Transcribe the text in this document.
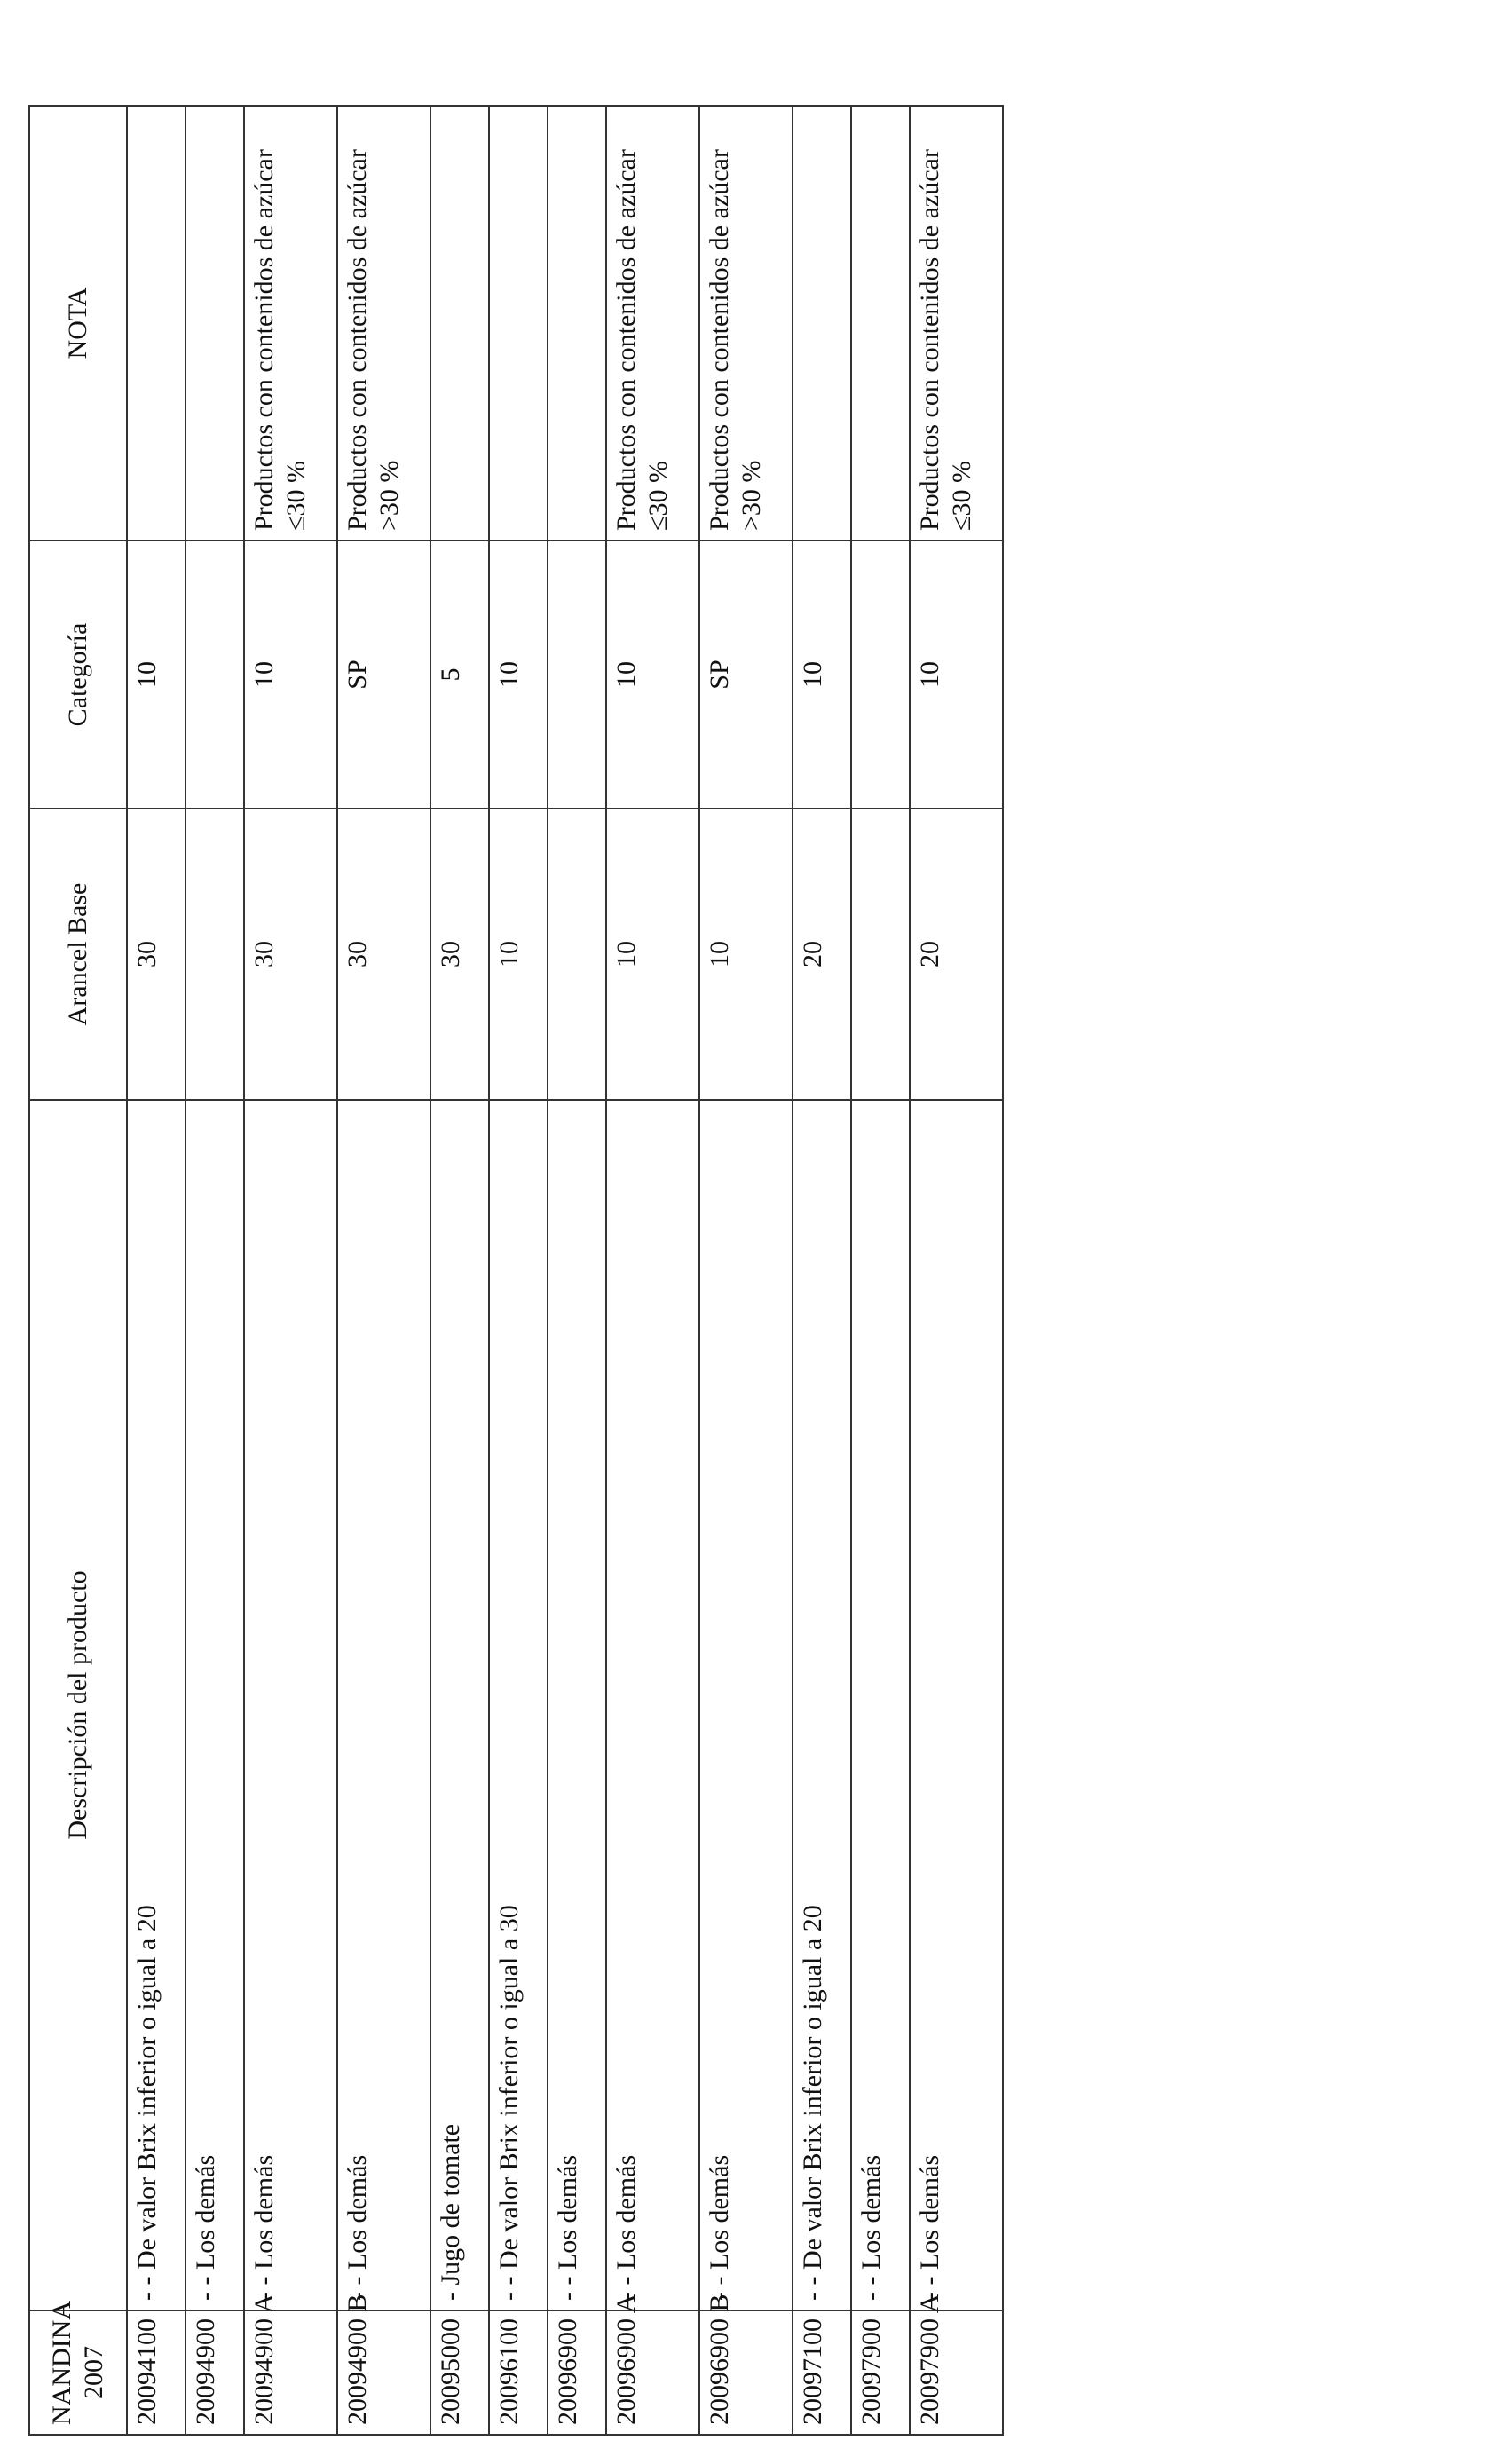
NANDINA 2007	Descripción del producto	Arancel Base	Categoría	NOTA
20094100	- - De valor Brix inferior o igual a 20	30	10	
20094900	- - Los demás			
20094900 A	- - Los demás	30	10	Productos con contenidos de azúcar ≤30 %
20094900 B	- - Los demás	30	SP	Productos con contenidos de azúcar >30 %
20095000	- Jugo de tomate	30	5	
20096100	- - De valor Brix inferior o igual a 30	10	10	
20096900	- - Los demás			
20096900 A	- - Los demás	10	10	Productos con contenidos de azúcar ≤30 %
20096900 B	- - Los demás	10	SP	Productos con contenidos de azúcar >30 %
20097100	- - De valor Brix inferior o igual a 20	20	10	
20097900	- - Los demás			
20097900 A	- - Los demás	20	10	Productos con contenidos de azúcar ≤30 %
